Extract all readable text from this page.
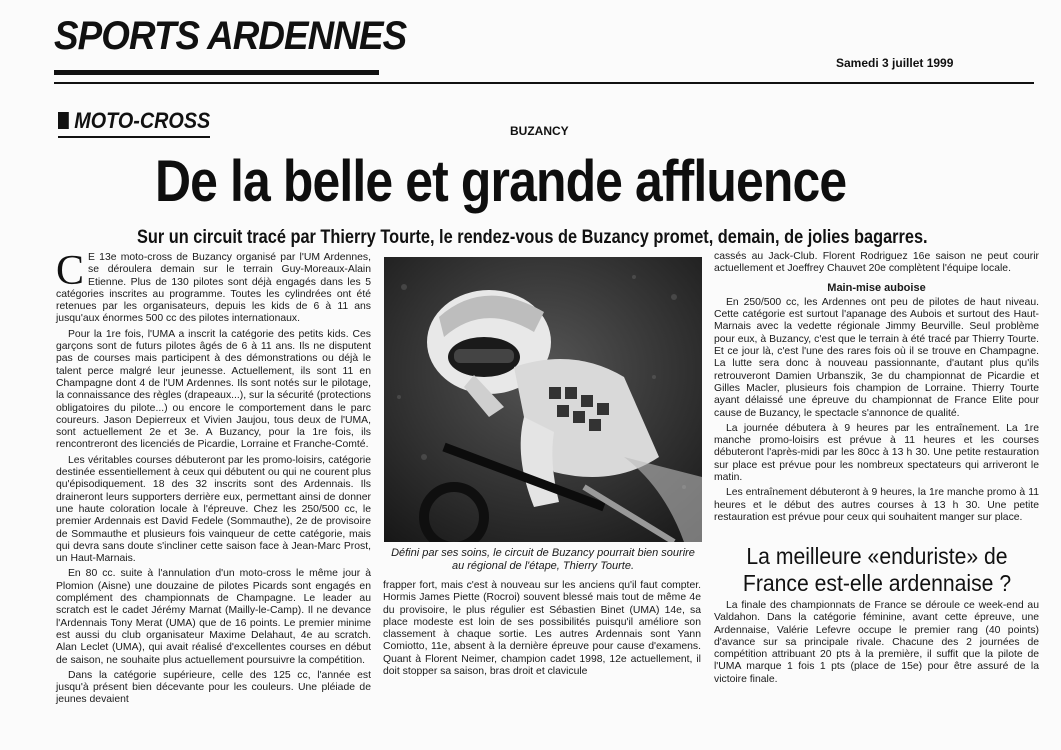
SPORTS ARDENNES
Samedi 3 juillet 1999
MOTO-CROSS	BUZANCY
De la belle et grande affluence
Sur un circuit tracé par Thierry Tourte, le rendez-vous de Buzancy promet, demain, de jolies bagarres.

C E 13e moto-cross de Buzancy organisé par l'UM Ardennes, se déroulera demain sur le terrain Guy-Moreaux-Alain Etienne. Plus de 130 pilotes sont déjà engagés dans les 5 catégories inscrites au programme. Toutes les cylindrées ont été retenues par les organisateurs, depuis les kids de 6 à 11 ans jusqu'aux énormes 500 cc des pilotes internationaux.

Pour la 1re fois, l'UMA a inscrit la catégorie des petits kids. Ces garçons sont de futurs pilotes âgés de 6 à 11 ans. Ils ne disputent pas de courses mais participent à des démonstrations ou déjà le talent perce malgré leur jeunesse. Actuellement, ils sont 11 en Champagne dont 4 de l'UM Ardennes. Ils sont notés sur le pilotage, la connaissance des règles (drapeaux...), sur la sécurité (protections obligatoires du pilote...) ou encore le comportement dans le parc coureurs. Jason Depierreux et Vivien Jaujou, tous deux de l'UMA, sont actuellement 2e et 3e. A Buzancy, pour la 1re fois, ils rencontreront des licenciés de Picardie, Lorraine et Franche-Comté.

Les véritables courses débuteront par les promo-loisirs, catégorie destinée essentiellement à ceux qui débutent ou qui ne courent plus qu'épisodiquement. 18 des 32 inscrits sont des Ardennais. Ils draineront leurs supporters derrière eux, permettant ainsi de donner une haute coloration locale à l'épreuve. Chez les 250/500 cc, le premier Ardennais est David Fedele (Sommauthe), 2e de provisoire de Sommauthe et plusieurs fois vainqueur de cette catégorie, mais qui devra sans doute s'incliner cette saison face à Jean-Marc Prost, un Haut-Marnais.

En 80 cc. suite à l'annulation d'un moto-cross le même jour à Plomion (Aisne) une douzaine de pilotes Picards sont engagés en complément des championnats de Champagne. Le leader au scratch est le cadet Jérémy Marnat (Mailly-le-Camp). Il ne devance l'Ardennais Tony Merat (UMA) que de 16 points. Le premier minime est aussi du club organisateur Maxime Delahaut, 4e au scratch. Alan Leclet (UMA), qui avait réalisé d'excellentes courses en début de saison, ne souhaite plus actuellement poursuivre la compétition.

Dans la catégorie supérieure, celle des 125 cc, l'année est jusqu'à présent bien décevante pour les couleurs. Une pléiade de jeunes devaient

Défini par ses soins, le circuit de Buzancy pourrait bien sourire au régional de l'étape, Thierry Tourte.

frapper fort, mais c'est à nouveau sur les anciens qu'il faut compter. Hormis James Piette (Rocroi) souvent blessé mais tout de même 4e du provisoire, le plus régulier est Sébastien Binet (UMA) 14e, sa place modeste est loin de ses possibilités puisqu'il améliore son classement à chaque sortie. Les autres Ardennais sont Yann Comiotto, 11e, absent à la dernière épreuve pour cause d'examens. Quant à Florent Neimer, champion cadet 1998, 12e actuellement, il doit stopper sa saison, bras droit et clavicule

cassés au Jack-Club. Florent Rodriguez 16e saison ne peut courir actuellement et Joeffrey Chauvet 20e complètent l'équipe locale.

Main-mise auboise

En 250/500 cc, les Ardennes ont peu de pilotes de haut niveau. Cette catégorie est surtout l'apanage des Aubois et surtout des Haut-Marnais avec la vedette régionale Jimmy Beurville. Seul problème pour eux, à Buzancy, c'est que le terrain à été tracé par Thierry Tourte. Et ce jour là, c'est l'une des rares fois où il se trouve en Champagne. La lutte sera donc à nouveau passionnante, d'autant plus qu'ils retrouveront Damien Urbanszik, 3e du championnat de Picardie et Gilles Macler, plusieurs fois champion de Lorraine. Thierry Tourte ayant délaissé une épreuve du championnat de France Elite pour cause de Buzancy, le spectacle s'annonce de qualité.

La journée débutera à 9 heures par les entraînement. La 1re manche promo-loisirs est prévue à 11 heures et les courses débuteront l'après-midi par les 80cc à 13 h 30. Une petite restauration sur place est prévue pour les nombreux spectateurs qui arriveront le matin.

Les entraînement débuteront à 9 heures, la 1re manche promo à 11 heures et le début des autres courses à 13 h 30. Une petite restauration est prévue pour ceux qui souhaitent manger sur place.

La meilleure «enduriste» de France est-elle ardennaise ?

La finale des championnats de France se déroule ce week-end au Valdahon. Dans la catégorie féminine, avant cette épreuve, une Ardennaise, Valérie Lefevre occupe le premier rang (40 points) d'avance sur sa principale rivale. Chacune des 2 journées de compétition attribuant 20 pts à la première, il suffit que la pilote de l'UMA marque 1 fois 1 pts (place de 15e) pour être assuré de la victoire finale.
